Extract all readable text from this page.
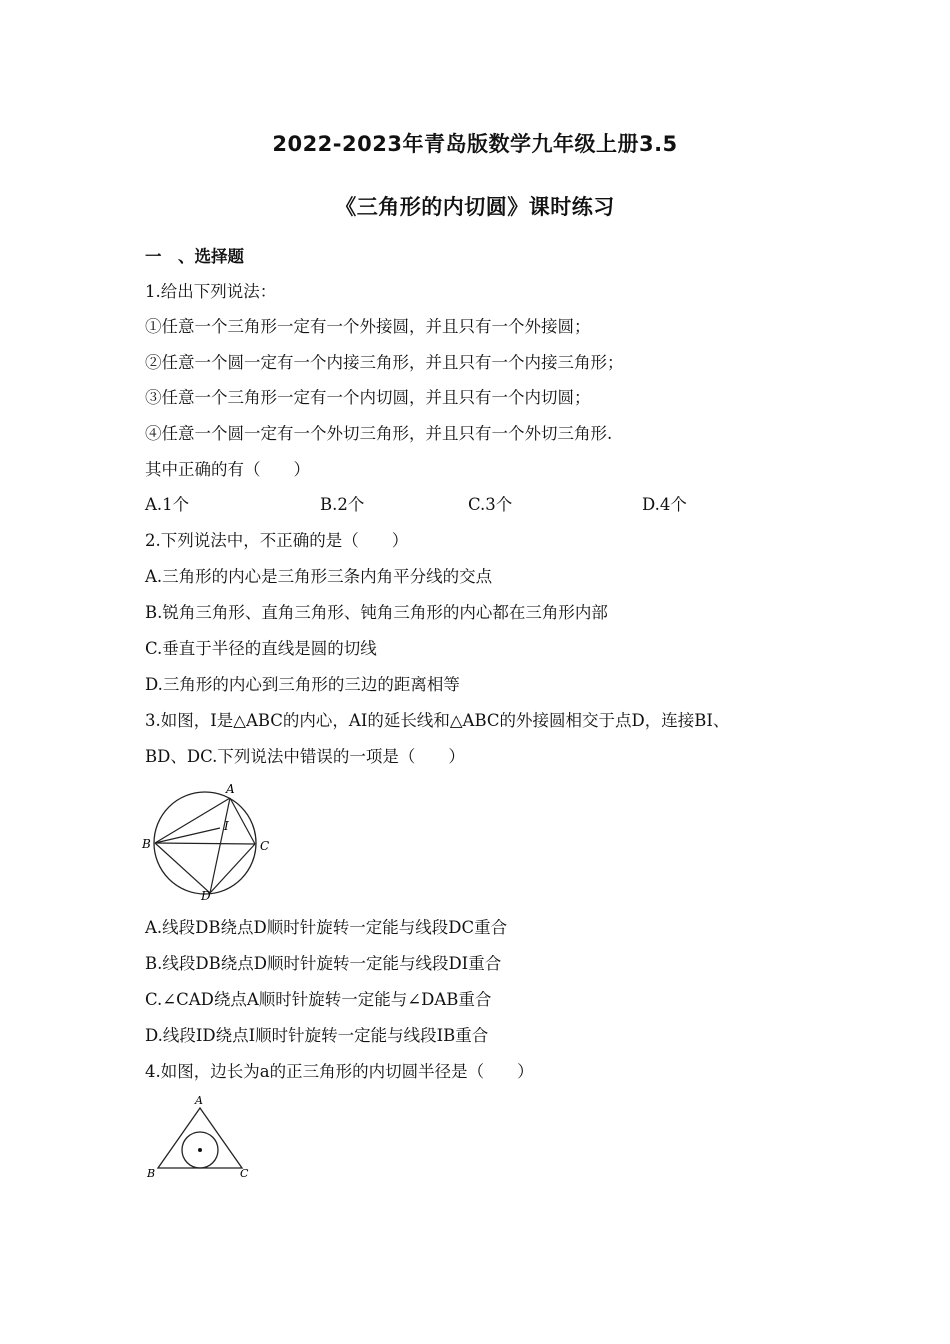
2022-2023年青岛版数学九年级上册3.5
《三角形的内切圆》课时练习
一　、选择题
1.给出下列说法：
①任意一个三角形一定有一个外接圆，并且只有一个外接圆；
②任意一个圆一定有一个内接三角形，并且只有一个内接三角形；
③任意一个三角形一定有一个内切圆，并且只有一个内切圆；
④任意一个圆一定有一个外切三角形，并且只有一个外切三角形.
其中正确的有（　　）
A.1个	B.2个	C.3个	D.4个
2.下列说法中，不正确的是（　　）
A.三角形的内心是三角形三条内角平分线的交点
B.锐角三角形、直角三角形、钝角三角形的内心都在三角形内部
C.垂直于半径的直线是圆的切线
D.三角形的内心到三角形的三边的距离相等
3.如图，I是△ABC的内心，AI的延长线和△ABC的外接圆相交于点D，连接BI、
BD、DC.下列说法中错误的一项是（　　）
A
I
B	C
D
A.线段DB绕点D顺时针旋转一定能与线段DC重合
B.线段DB绕点D顺时针旋转一定能与线段DI重合
C.∠CAD绕点A顺时针旋转一定能与∠DAB重合
D.线段ID绕点I顺时针旋转一定能与线段IB重合
4.如图，边长为a的正三角形的内切圆半径是（　　）
A
B	C
